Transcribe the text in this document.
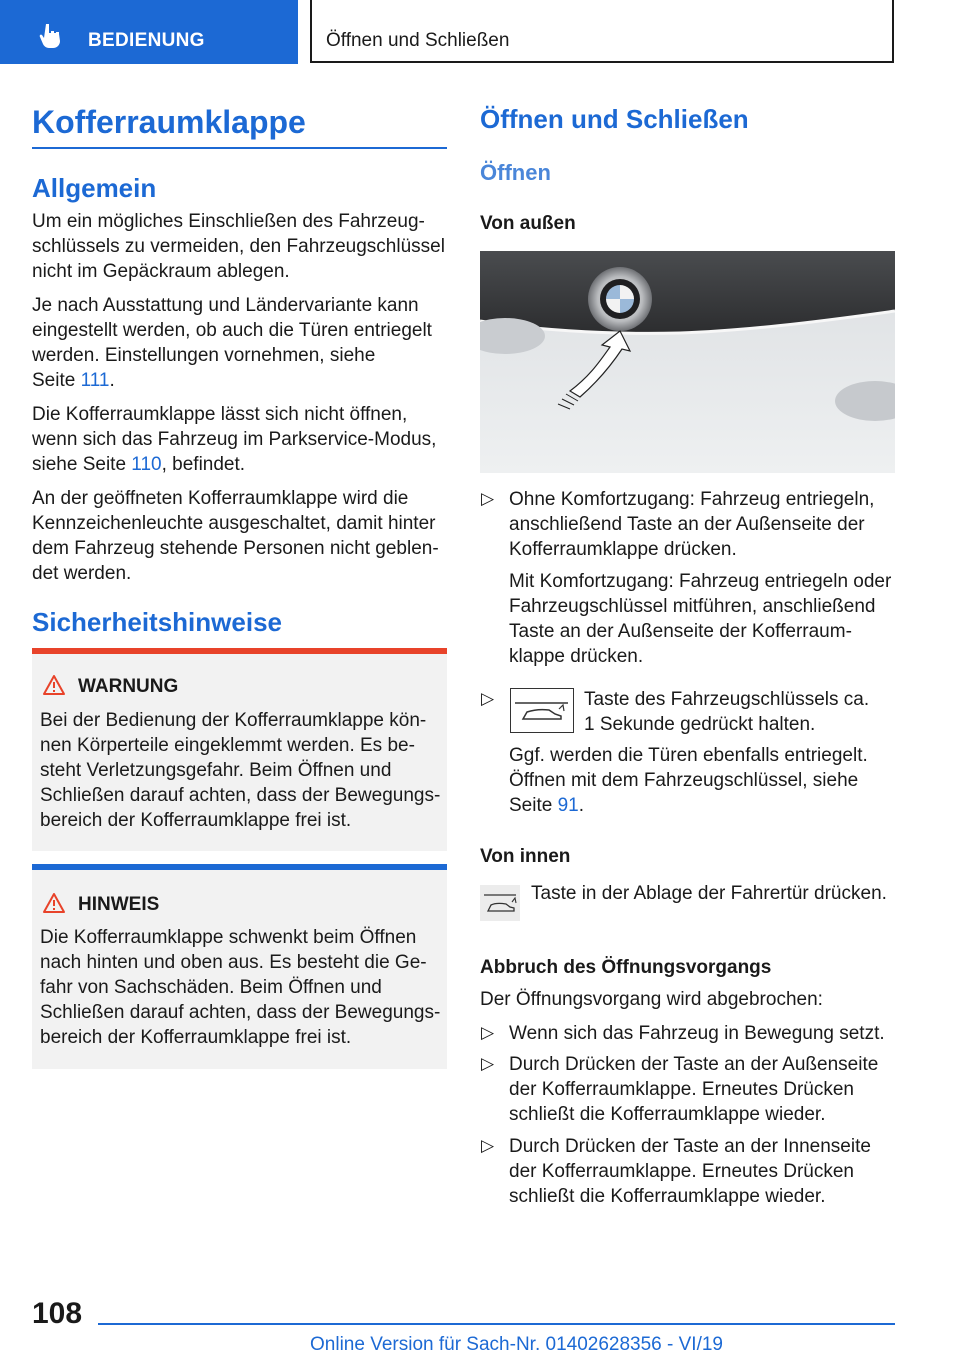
BEDIENUNG	Öffnen und Schließen
Kofferraumklappe
Allgemein

Um ein mögliches Einschließen des Fahrzeug-
schlüssels zu vermeiden, den Fahrzeugschlüssel
nicht im Gepäckraum ablegen.

Je nach Ausstattung und Ländervariante kann
eingestellt werden, ob auch die Türen entriegelt
werden. Einstellungen vornehmen, siehe
Seite 111.

Die Kofferraumklappe lässt sich nicht öffnen,
wenn sich das Fahrzeug im Parkservice-Modus,
siehe Seite 110, befindet.

An der geöffneten Kofferraumklappe wird die
Kennzeichenleuchte ausgeschaltet, damit hinter
dem Fahrzeug stehende Personen nicht geblen-
det werden.

Sicherheitshinweise
WARNUNG

Bei der Bedienung der Kofferraumklappe kön-
nen Körperteile eingeklemmt werden. Es be-
steht Verletzungsgefahr. Beim Öffnen und
Schließen darauf achten, dass der Bewegungs-
bereich der Kofferraumklappe frei ist.

HINWEIS

Die Kofferraumklappe schwenkt beim Öffnen
nach hinten und oben aus. Es besteht die Ge-
fahr von Sachschäden. Beim Öffnen und
Schließen darauf achten, dass der Bewegungs-
bereich der Kofferraumklappe frei ist.

Öffnen und Schließen
Öffnen
Von außen
▷ Ohne Komfortzugang: Fahrzeug entriegeln,
anschließend Taste an der Außenseite der
Kofferraumklappe drücken.

Mit Komfortzugang: Fahrzeug entriegeln oder
Fahrzeugschlüssel mitführen, anschließend
Taste an der Außenseite der Kofferraum-
klappe drücken.

▷	Taste des Fahrzeugschlüssels ca.
1 Sekunde gedrückt halten.

Ggf. werden die Türen ebenfalls entriegelt.
Öffnen mit dem Fahrzeugschlüssel, siehe
Seite 91.

Von innen

Taste in der Ablage der Fahrertür drücken.

Abbruch des Öffnungsvorgangs

Der Öffnungsvorgang wird abgebrochen:

▷ Wenn sich das Fahrzeug in Bewegung setzt.

▷ Durch Drücken der Taste an der Außenseite
der Kofferraumklappe. Erneutes Drücken
schließt die Kofferraumklappe wieder.

▷ Durch Drücken der Taste an der Innenseite
der Kofferraumklappe. Erneutes Drücken
schließt die Kofferraumklappe wieder.

108
Online Version für Sach-Nr. 01402628356 - VI/19
